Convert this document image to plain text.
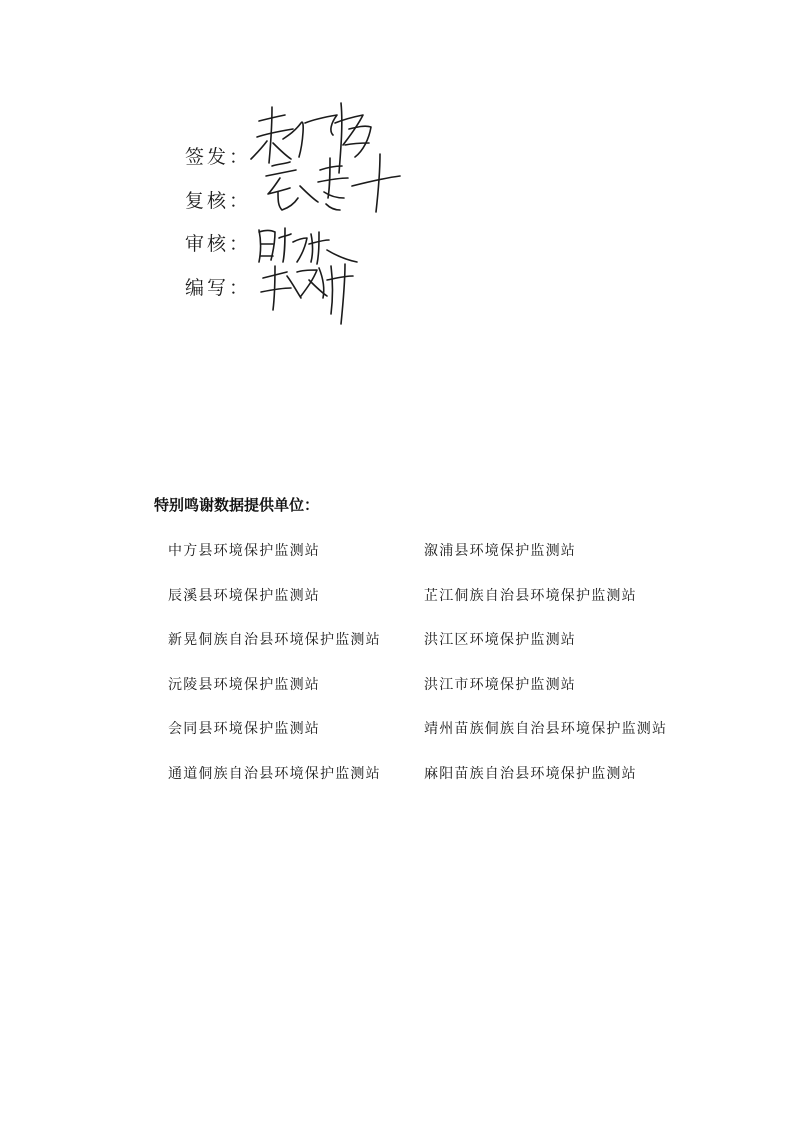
签发：
复核：
审核：
编写：
特别鸣谢数据提供单位：
中方县环境保护监测站
辰溪县环境保护监测站
新晃侗族自治县环境保护监测站
沅陵县环境保护监测站
会同县环境保护监测站
通道侗族自治县环境保护监测站
溆浦县环境保护监测站
芷江侗族自治县环境保护监测站
洪江区环境保护监测站
洪江市环境保护监测站
靖州苗族侗族自治县环境保护监测站
麻阳苗族自治县环境保护监测站
